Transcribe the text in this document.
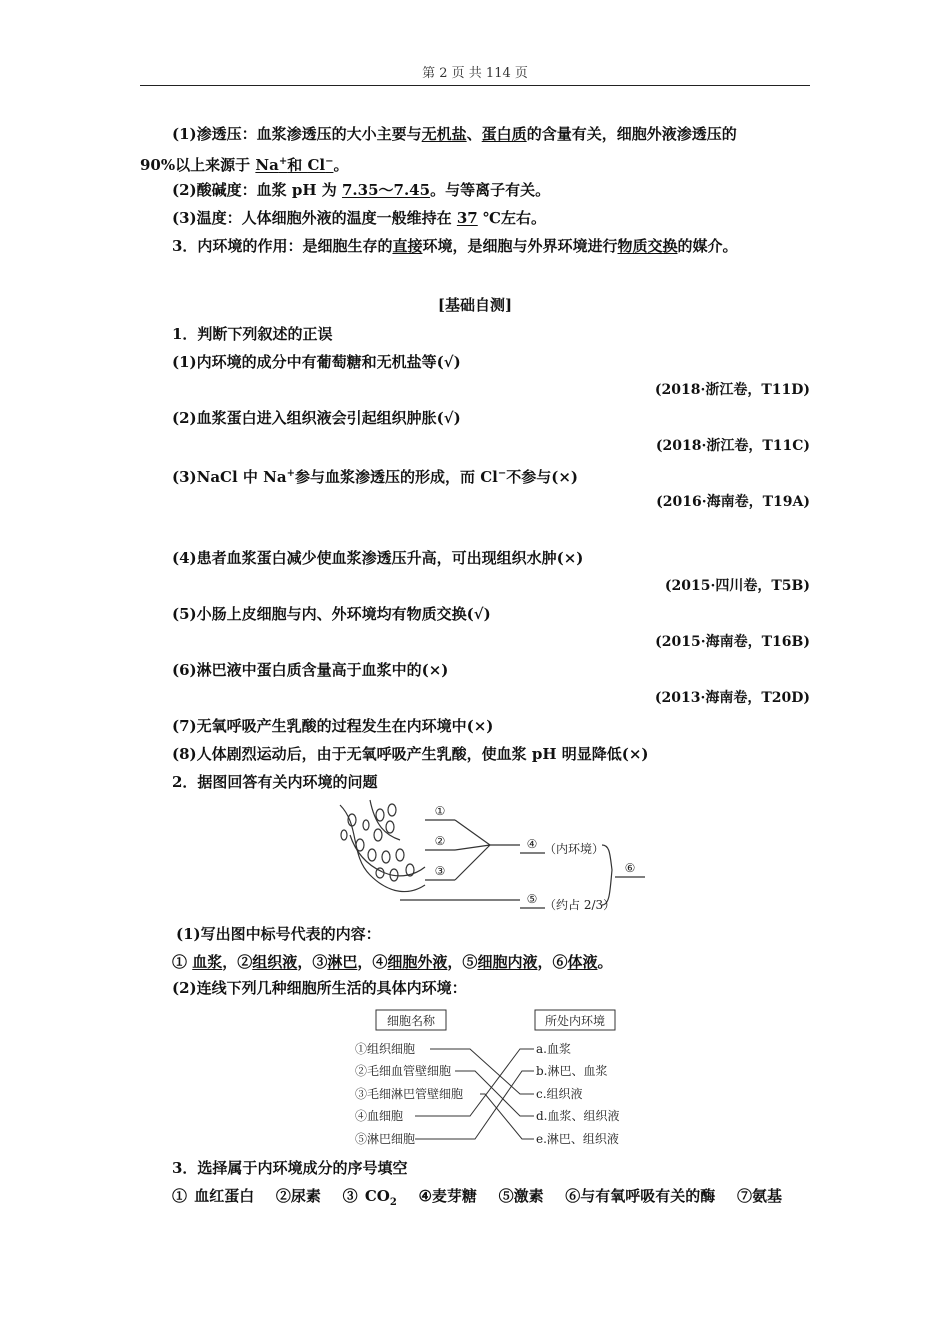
第 2 页 共 114 页
(1)渗透压：血浆渗透压的大小主要与无机盐、蛋白质的含量有关，细胞外液渗透压的
90%以上来源于 Na+和 Cl−。
(2)酸碱度：血浆 pH 为 7.35～7.45。与等离子有关。
(3)温度：人体细胞外液的温度一般维持在 37 ℃左右。
3．内环境的作用：是细胞生存的直接环境，是细胞与外界环境进行物质交换的媒介。
[基础自测]
1．判断下列叙述的正误
(1)内环境的成分中有葡萄糖和无机盐等(√)
(2018·浙江卷，T11D)
(2)血浆蛋白进入组织液会引起组织肿胀(√)
(2018·浙江卷，T11C)
(3)NaCl 中 Na+参与血浆渗透压的形成，而 Cl−不参与(×)
(2016·海南卷，T19A)
(4)患者血浆蛋白减少使血浆渗透压升高，可出现组织水肿(×)
(2015·四川卷，T5B)
(5)小肠上皮细胞与内、外环境均有物质交换(√)
(2015·海南卷，T16B)
(6)淋巴液中蛋白质含量高于血浆中的(×)
(2013·海南卷，T20D)
(7)无氧呼吸产生乳酸的过程发生在内环境中(×)
(8)人体剧烈运动后，由于无氧呼吸产生乳酸，使血浆 pH 明显降低(×)
2．据图回答有关内环境的问题
①
②
③
④ （内环境）
⑤ （约占 2/3）
⑥
(1)写出图中标号代表的内容：
① 血浆，②组织液，③淋巴，④细胞外液，⑤细胞内液，⑥体液。
(2)连线下列几种细胞所生活的具体内环境：
细胞名称	所处内环境
①组织细胞
②毛细血管壁细胞
③毛细淋巴管壁细胞
④血细胞
⑤淋巴细胞
a.血浆
b.淋巴、血浆
c.组织液
d.血浆、组织液
e.淋巴、组织液
3．选择属于内环境成分的序号填空
① 血红蛋白 ②尿素 ③ $CO_2$ ④麦芽糖 ⑤激素 ⑥与有氧呼吸有关的酶 ⑦氨基
